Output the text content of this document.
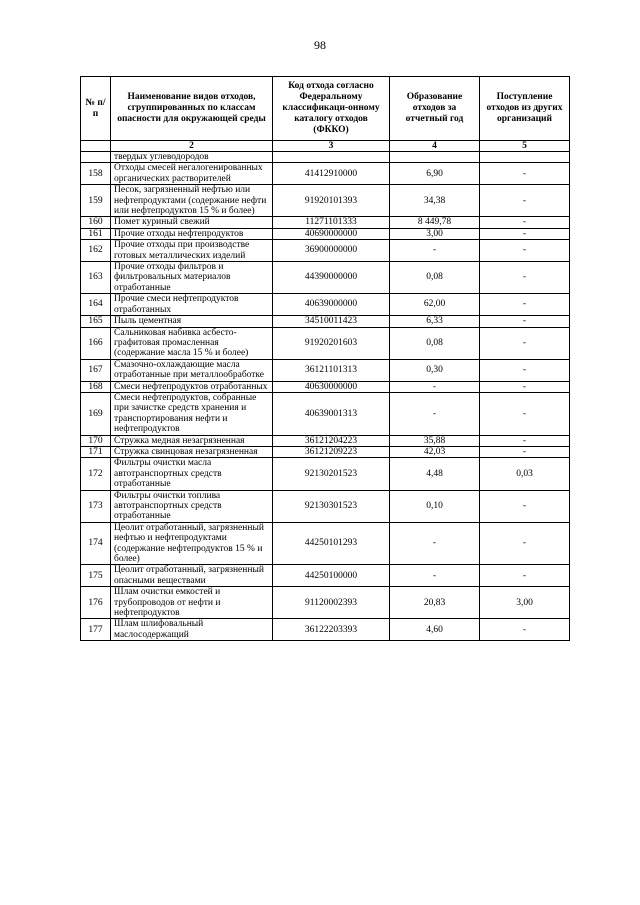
98
№ п/п	Наименование видов отходов, сгруппированных по классам опасности для окружающей среды	Код отхода согласно Федеральному классификаци-онному каталогу отходов (ФККО)	Образование отходов за отчетный год	Поступление отходов из других организаций
	2	3	4	5
	твердых углеводородов			
158	Отходы смесей негалогенированных органических растворителей	41412910000	6,90	-
159	Песок, загрязненный нефтью или нефтепродуктами (содержание нефти или нефтепродуктов 15 % и более)	91920101393	34,38	-
160	Помет куриный свежий	11271101333	8 449,78	-
161	Прочие отходы нефтепродуктов	40690000000	3,00	-
162	Прочие отходы при производстве готовых металлических изделий	36900000000	-	-
163	Прочие отходы фильтров и фильтровальных материалов отработанные	44390000000	0,08	-
164	Прочие смеси нефтепродуктов отработанных	40639000000	62,00	-
165	Пыль цементная	34510011423	6,33	-
166	Сальниковая набивка асбесто-графитовая промасленная (содержание масла 15 % и более)	91920201603	0,08	-
167	Смазочно-охлаждающие масла отработанные при металлообработке	36121101313	0,30	-
168	Смеси нефтепродуктов отработанных	40630000000	-	-
169	Смеси нефтепродуктов, собранные при зачистке средств хранения и транспортирования нефти и нефтепродуктов	40639001313	-	-
170	Стружка медная незагрязненная	36121204223	35,88	-
171	Стружка свинцовая незагрязненная	36121209223	42,03	-
172	Фильтры очистки масла автотранспортных средств отработанные	92130201523	4,48	0,03
173	Фильтры очистки топлива автотранспортных средств отработанные	92130301523	0,10	-
174	Цеолит отработанный, загрязненный нефтью и нефтепродуктами (содержание нефтепродуктов 15 % и более)	44250101293	-	-
175	Цеолит отработанный, загрязненный опасными веществами	44250100000	-	-
176	Шлам очистки емкостей и трубопроводов от нефти и нефтепродуктов	91120002393	20,83	3,00
177	Шлам шлифовальный маслосодержащий	36122203393	4,60	-
